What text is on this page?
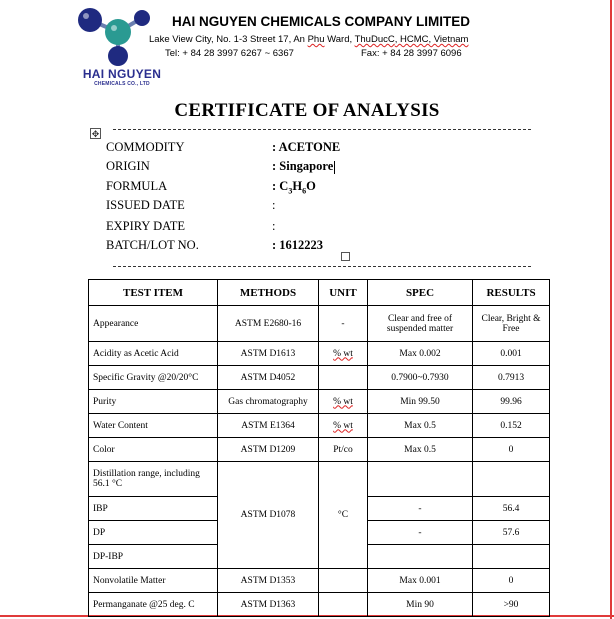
HAI NGUYEN
CHEMICALS CO., LTD
HAI NGUYEN CHEMICALS COMPANY LIMITED
Lake View City, No. 1-3 Street 17, An Phu Ward, ThuDucC, HCMC, Vietnam
Tel: + 84 28 3997 6267 ~ 6367	Fax: + 84 28 3997 6096
CERTIFICATE OF ANALYSIS
✥
COMMODITY	: ACETONE
ORIGIN	: Singapore
FORMULA	: $C_3H_6O$
ISSUED DATE	:
EXPIRY DATE	:
BATCH/LOT NO.	: 1612223
TEST ITEM	METHODS	UNIT	SPEC	RESULTS
Appearance	ASTM E2680-16	-	Clear and free of suspended matter	Clear, Bright & Free
Acidity as Acetic Acid	ASTM D1613	% wt	Max 0.002	0.001
Specific Gravity @20/20°C	ASTM D4052		0.7900~0.7930	0.7913
Purity	Gas chromatography	% wt	Min 99.50	99.96
Water Content	ASTM E1364	% wt	Max 0.5	0.152
Color	ASTM D1209	Pt/co	Max 0.5	0
Distillation range, including 56.1 °C	ASTM D1078	°C		
IBP			-	56.4
DP			-	57.6
DP-IBP				
Nonvolatile Matter	ASTM D1353		Max 0.001	0
Permanganate @25 deg. C	ASTM D1363		Min 90	>90
